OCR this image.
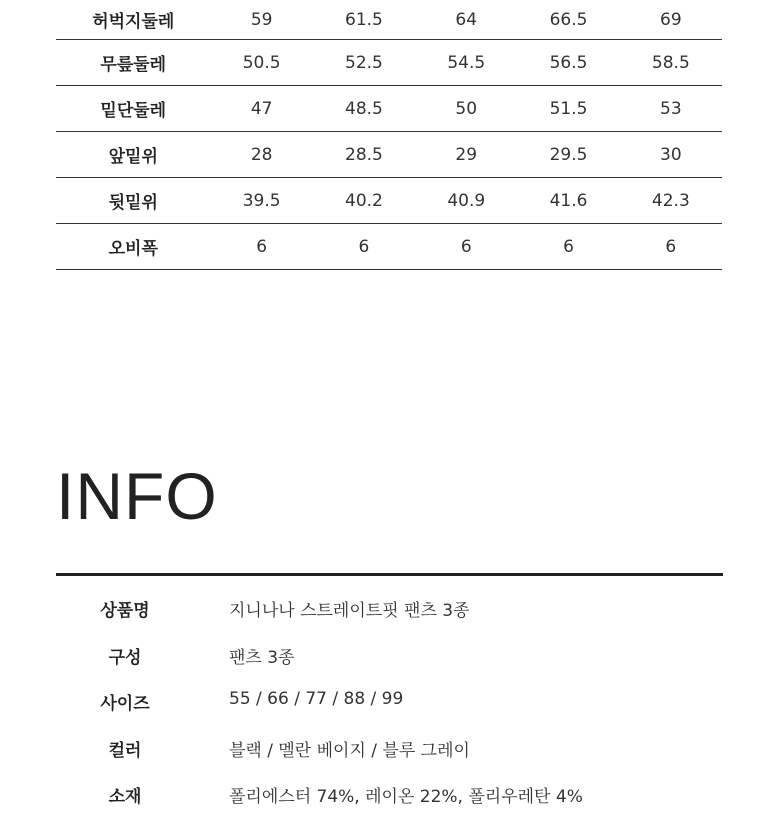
허벅지둘레	59	61.5	64	66.5	69
무릎둘레	50.5	52.5	54.5	56.5	58.5
밑단둘레	47	48.5	50	51.5	53
앞밑위	28	28.5	29	29.5	30
뒷밑위	39.5	40.2	40.9	41.6	42.3
오비폭	6	6	6	6	6
INFO
상품명	지니나나 스트레이트핏 팬츠 3종
구성	팬츠 3종
사이즈	55 / 66 / 77 / 88 / 99
컬러	블랙 / 멜란 베이지 / 블루 그레이
소재	폴리에스터 74%, 레이온 22%, 폴리우레탄 4%
